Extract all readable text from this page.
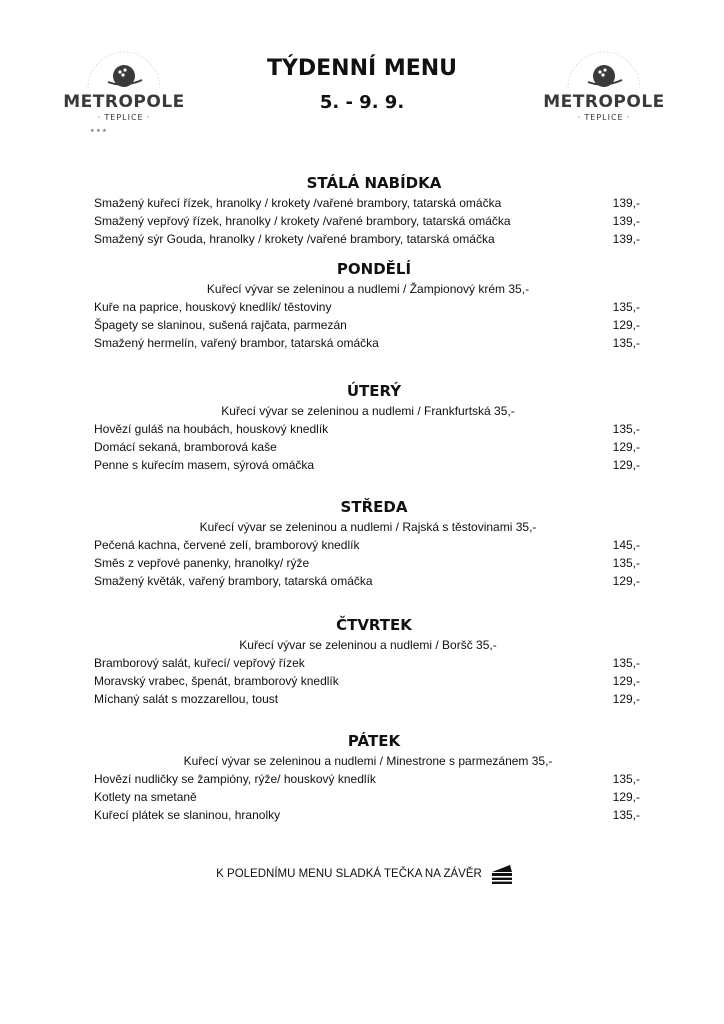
★ ★ ★
METROPOLE
· TEPLICE ·
TÝDENNÍ MENU
5. - 9. 9.	METROPOLE
· TEPLICE ·
STÁLÁ NABÍDKA
Smažený kuřecí řízek, hranolky / krokety /vařené brambory, tatarská omáčka	139,-
Smažený vepřový řízek, hranolky / krokety /vařené brambory, tatarská omáčka	139,-
Smažený sýr Gouda, hranolky / krokety /vařené brambory, tatarská omáčka	139,-
PONDĚLÍ
Kuřecí vývar se zeleninou a nudlemi / Žampionový krém 35,-
Kuře na paprice, houskový knedlík/ těstoviny	135,-
Špagety se slaninou, sušená rajčata, parmezán	129,-
Smažený hermelín, vařený brambor, tatarská omáčka	135,-
ÚTERÝ
Kuřecí vývar se zeleninou a nudlemi / Frankfurtská 35,-
Hovězí guláš na houbách, houskový knedlík	135,-
Domácí sekaná, bramborová kaše	129,-
Penne s kuřecím masem, sýrová omáčka	129,-
STŘEDA
Kuřecí vývar se zeleninou a nudlemi / Rajská s těstovinami 35,-
Pečená kachna, červené zelí, bramborový knedlík	145,-
Směs z vepřové panenky, hranolky/ rýže	135,-
Smažený květák, vařený brambory, tatarská omáčka	129,-
ČTVRTEK
Kuřecí vývar se zeleninou a nudlemi / Boršč 35,-
Bramborový salát, kuřecí/ vepřový řízek	135,-
Moravský vrabec, špenát, bramborový knedlík	129,-
Míchaný salát s mozzarellou, toust	129,-
PÁTEK
Kuřecí vývar se zeleninou a nudlemi / Minestrone s parmezánem 35,-
Hovězí nudličky se žampióny, rýže/ houskový knedlík	135,-
Kotlety na smetaně	129,-
Kuřecí plátek se slaninou, hranolky	135,-
K POLEDNÍMU MENU SLADKÁ TEČKA NA ZÁVĚR
